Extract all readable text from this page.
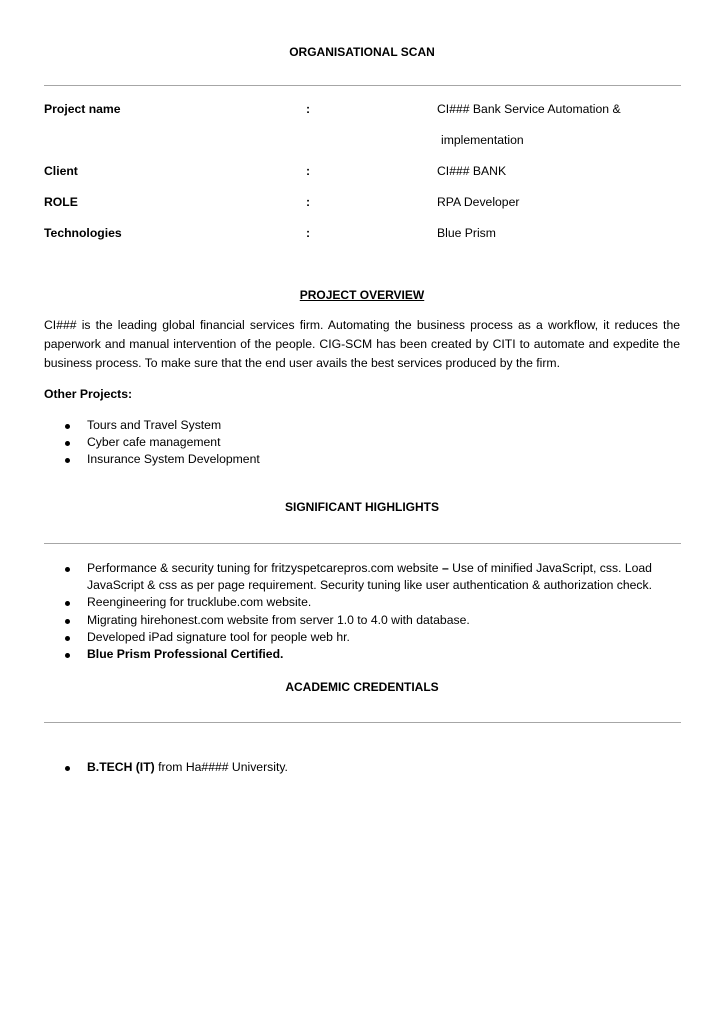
ORGANISATIONAL SCAN
Project name	:	CI### Bank Service Automation &
implementation
Client	:	CI### BANK
ROLE	:	RPA Developer
Technologies	:	Blue Prism
PROJECT OVERVIEW
CI### is the leading global financial services firm. Automating the business process as a workflow, it reduces the paperwork and manual intervention of the people. CIG-SCM has been created by CITI to automate and expedite the business process. To make sure that the end user avails the best services produced by the firm.
Other Projects:
Tours and Travel System
Cyber cafe management
Insurance System Development
SIGNIFICANT HIGHLIGHTS
Performance & security tuning for fritzyspetcarepros.com website – Use of minified JavaScript, css. Load JavaScript & css as per page requirement. Security tuning like user authentication & authorization check.
Reengineering for trucklube.com website.
Migrating hirehonest.com website from server 1.0 to 4.0 with database.
Developed iPad signature tool for people web hr.
Blue Prism Professional Certified.
ACADEMIC CREDENTIALS
B.TECH (IT) from Ha#### University.
